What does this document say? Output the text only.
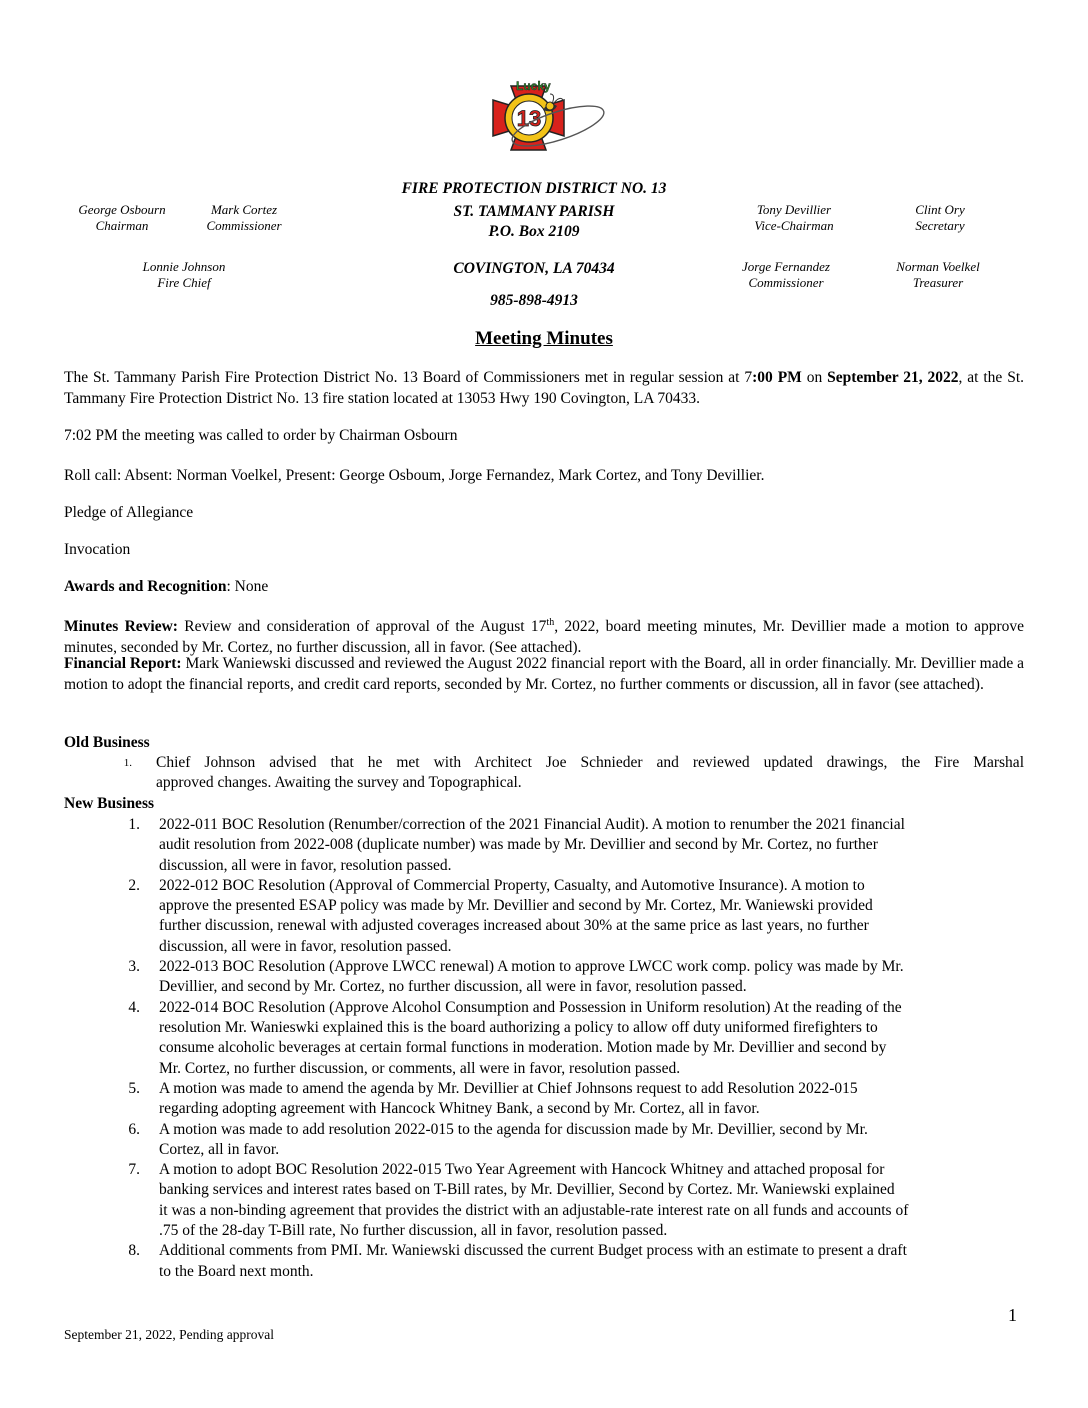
13
Lucky
FIRE PROTECTION DISTRICT NO. 13
ST. TAMMANY PARISH
P.O. Box 2109
COVINGTON, LA 70434
985-898-4913
George Osbourn
Chairman
Mark Cortez
Commissioner
Lonnie Johnson
Fire Chief
Tony Devillier
Vice-Chairman
Clint Ory
Secretary
Jorge Fernandez
Commissioner
Norman Voelkel
Treasurer
Meeting Minutes
The St. Tammany Parish Fire Protection District No. 13 Board of Commissioners met in regular session at 7:00 PM on September 21, 2022, at the St. Tammany Fire Protection District No. 13 fire station located at 13053 Hwy 190 Covington, LA 70433.
7:02 PM the meeting was called to order by Chairman Osbourn
Roll call: Absent: Norman Voelkel, Present: George Osboum, Jorge Fernandez, Mark Cortez, and Tony Devillier.
Pledge of Allegiance
Invocation
Awards and Recognition: None
Minutes Review: Review and consideration of approval of the August 17th, 2022, board meeting minutes, Mr. Devillier made a motion to approve minutes, seconded by Mr. Cortez, no further discussion, all in favor. (See attached).
Financial Report: Mark Waniewski discussed and reviewed the August 2022 financial report with the Board, all in order financially. Mr. Devillier made a motion to adopt the financial reports, and credit card reports, seconded by Mr. Cortez, no further comments or discussion, all in favor (see attached).
Old Business
1. Chief Johnson advised that he met with Architect Joe Schnieder and reviewed updated drawings, the Fire Marshal
approved changes. Awaiting the survey and Topographical.
New Business
1. 2022-011 BOC Resolution (Renumber/correction of the 2021 Financial Audit). A motion to renumber the 2021 financial
audit resolution from 2022-008 (duplicate number) was made by Mr. Devillier and second by Mr. Cortez, no further
discussion, all were in favor, resolution passed.
2. 2022-012 BOC Resolution (Approval of Commercial Property, Casualty, and Automotive Insurance). A motion to
approve the presented ESAP policy was made by Mr. Devillier and second by Mr. Cortez, Mr. Waniewski provided
further discussion, renewal with adjusted coverages increased about 30% at the same price as last years, no further
discussion, all were in favor, resolution passed.
3. 2022-013 BOC Resolution (Approve LWCC renewal) A motion to approve LWCC work comp. policy was made by Mr.
Devillier, and second by Mr. Cortez, no further discussion, all were in favor, resolution passed.
4. 2022-014 BOC Resolution (Approve Alcohol Consumption and Possession in Uniform resolution) At the reading of the
resolution Mr. Wanieswki explained this is the board authorizing a policy to allow off duty uniformed firefighters to
consume alcoholic beverages at certain formal functions in moderation. Motion made by Mr. Devillier and second by
Mr. Cortez, no further discussion, or comments, all were in favor, resolution passed.
5. A motion was made to amend the agenda by Mr. Devillier at Chief Johnsons request to add Resolution 2022-015
regarding adopting agreement with Hancock Whitney Bank, a second by Mr. Cortez, all in favor.
6. A motion was made to add resolution 2022-015 to the agenda for discussion made by Mr. Devillier, second by Mr.
Cortez, all in favor.
7. A motion to adopt BOC Resolution 2022-015 Two Year Agreement with Hancock Whitney and attached proposal for
banking services and interest rates based on T-Bill rates, by Mr. Devillier, Second by Cortez. Mr. Waniewski explained
it was a non-binding agreement that provides the district with an adjustable-rate interest rate on all funds and accounts of
.75 of the 28-day T-Bill rate, No further discussion, all in favor, resolution passed.
8. Additional comments from PMI. Mr. Waniewski discussed the current Budget process with an estimate to present a draft
to the Board next month.
1
September 21, 2022, Pending approval
